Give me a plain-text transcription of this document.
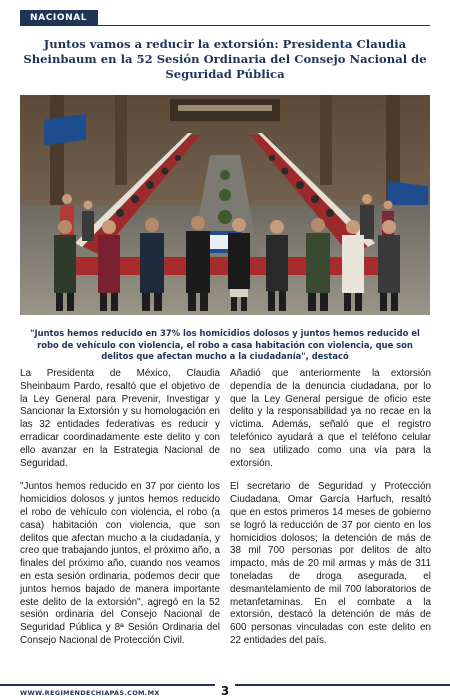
NACIONAL
Juntos vamos a reducir la extorsión: Presidenta Claudia Sheinbaum en la 52 Sesión Ordinaria del Consejo Nacional de Seguridad Pública

"Juntos hemos reducido en 37% los homicidios dolosos y juntos hemos reducido el robo de vehículo con violencia, el robo a casa habitación con violencia, que son delitos que afectan mucho a la ciudadanía", destacó

La Presidenta de México, Claudia Sheinbaum Pardo, resaltó que el objetivo de la Ley General para Prevenir, Investigar y Sancionar la Extorsión y su homologación en las 32 entidades federativas es reducir y erradicar coordinadamente este delito y con ello avanzar en la Estrategia Nacional de Seguridad.

"Juntos hemos reducido en 37 por ciento los homicidios dolosos y juntos hemos reducido el robo de vehículo con violencia, el robo (a casa) habitación con violencia, que son delitos que afectan mucho a la ciudadanía, y creo que trabajando juntos, el próximo año, a finales del próximo año, cuando nos veamos en esta sesión ordinaria, podemos decir que juntos hemos bajado de manera importante este delito de la extorsión", agregó en la 52 sesión ordinaria del Consejo Nacional de Seguridad Pública y 8ª Sesión Ordinaria del Consejo Nacional de Protección Civil.

Añadió que anteriormente la extorsión dependía de la denuncia ciudadana, por lo que la Ley General persigue de oficio este delito y la responsabilidad ya no recae en la víctima. Además, señaló que el registro telefónico ayudará a que el teléfono celular no sea utilizado como una vía para la extorsión.

El secretario de Seguridad y Protección Ciudadana, Omar García Harfuch, resaltó que en estos primeros 14 meses de gobierno se logró la reducción de 37 por ciento en los homicidios dolosos; la detención de más de 38 mil 700 personas por delitos de alto impacto, más de 20 mil armas y más de 311 toneladas de droga asegurada, el desmantelamiento de mil 700 laboratorios de metanfetaminas. En el combate a la extorsión, destacó la detención de más de 600 personas vinculadas con este delito en 22 entidades del país.

WWW.REGIMENDECHIAPAS.COM.MX	3
